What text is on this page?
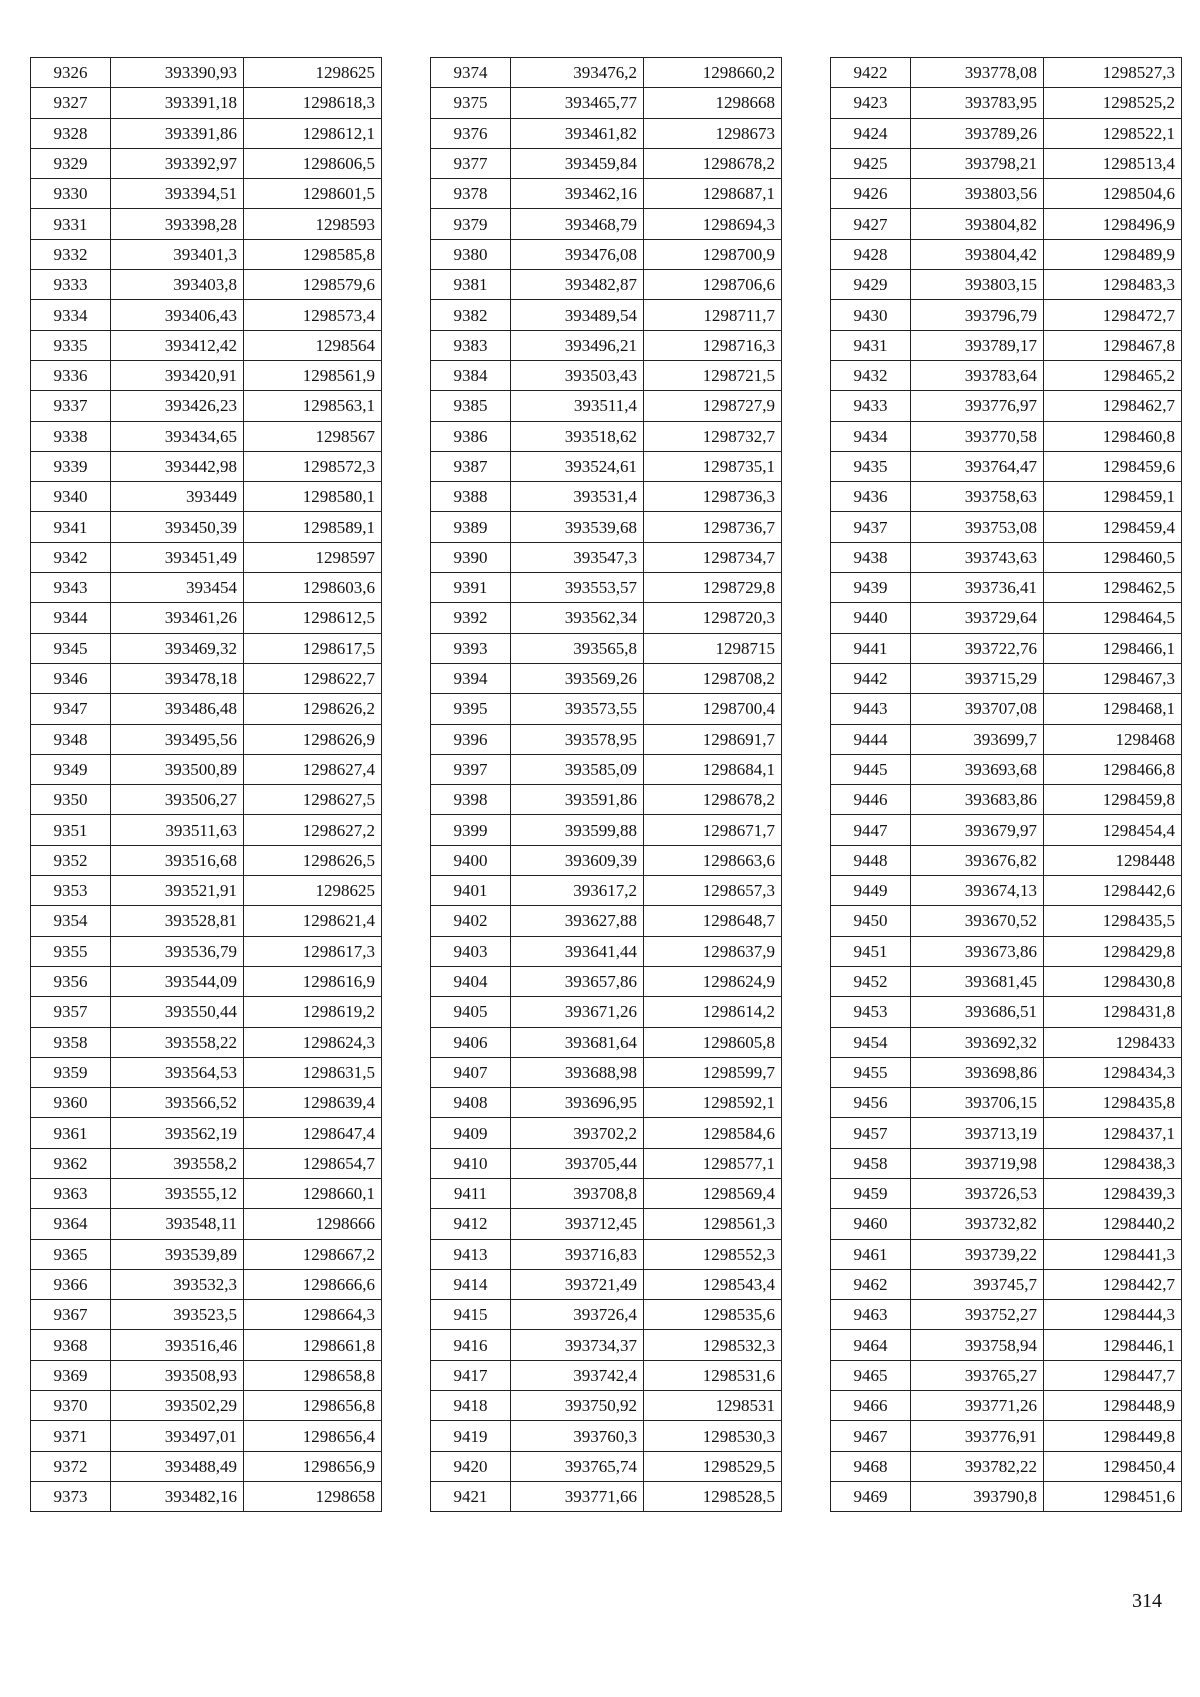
9326	393390,93	1298625
9327	393391,18	1298618,3
9328	393391,86	1298612,1
9329	393392,97	1298606,5
9330	393394,51	1298601,5
9331	393398,28	1298593
9332	393401,3	1298585,8
9333	393403,8	1298579,6
9334	393406,43	1298573,4
9335	393412,42	1298564
9336	393420,91	1298561,9
9337	393426,23	1298563,1
9338	393434,65	1298567
9339	393442,98	1298572,3
9340	393449	1298580,1
9341	393450,39	1298589,1
9342	393451,49	1298597
9343	393454	1298603,6
9344	393461,26	1298612,5
9345	393469,32	1298617,5
9346	393478,18	1298622,7
9347	393486,48	1298626,2
9348	393495,56	1298626,9
9349	393500,89	1298627,4
9350	393506,27	1298627,5
9351	393511,63	1298627,2
9352	393516,68	1298626,5
9353	393521,91	1298625
9354	393528,81	1298621,4
9355	393536,79	1298617,3
9356	393544,09	1298616,9
9357	393550,44	1298619,2
9358	393558,22	1298624,3
9359	393564,53	1298631,5
9360	393566,52	1298639,4
9361	393562,19	1298647,4
9362	393558,2	1298654,7
9363	393555,12	1298660,1
9364	393548,11	1298666
9365	393539,89	1298667,2
9366	393532,3	1298666,6
9367	393523,5	1298664,3
9368	393516,46	1298661,8
9369	393508,93	1298658,8
9370	393502,29	1298656,8
9371	393497,01	1298656,4
9372	393488,49	1298656,9
9373	393482,16	1298658
9374	393476,2	1298660,2
9375	393465,77	1298668
9376	393461,82	1298673
9377	393459,84	1298678,2
9378	393462,16	1298687,1
9379	393468,79	1298694,3
9380	393476,08	1298700,9
9381	393482,87	1298706,6
9382	393489,54	1298711,7
9383	393496,21	1298716,3
9384	393503,43	1298721,5
9385	393511,4	1298727,9
9386	393518,62	1298732,7
9387	393524,61	1298735,1
9388	393531,4	1298736,3
9389	393539,68	1298736,7
9390	393547,3	1298734,7
9391	393553,57	1298729,8
9392	393562,34	1298720,3
9393	393565,8	1298715
9394	393569,26	1298708,2
9395	393573,55	1298700,4
9396	393578,95	1298691,7
9397	393585,09	1298684,1
9398	393591,86	1298678,2
9399	393599,88	1298671,7
9400	393609,39	1298663,6
9401	393617,2	1298657,3
9402	393627,88	1298648,7
9403	393641,44	1298637,9
9404	393657,86	1298624,9
9405	393671,26	1298614,2
9406	393681,64	1298605,8
9407	393688,98	1298599,7
9408	393696,95	1298592,1
9409	393702,2	1298584,6
9410	393705,44	1298577,1
9411	393708,8	1298569,4
9412	393712,45	1298561,3
9413	393716,83	1298552,3
9414	393721,49	1298543,4
9415	393726,4	1298535,6
9416	393734,37	1298532,3
9417	393742,4	1298531,6
9418	393750,92	1298531
9419	393760,3	1298530,3
9420	393765,74	1298529,5
9421	393771,66	1298528,5
9422	393778,08	1298527,3
9423	393783,95	1298525,2
9424	393789,26	1298522,1
9425	393798,21	1298513,4
9426	393803,56	1298504,6
9427	393804,82	1298496,9
9428	393804,42	1298489,9
9429	393803,15	1298483,3
9430	393796,79	1298472,7
9431	393789,17	1298467,8
9432	393783,64	1298465,2
9433	393776,97	1298462,7
9434	393770,58	1298460,8
9435	393764,47	1298459,6
9436	393758,63	1298459,1
9437	393753,08	1298459,4
9438	393743,63	1298460,5
9439	393736,41	1298462,5
9440	393729,64	1298464,5
9441	393722,76	1298466,1
9442	393715,29	1298467,3
9443	393707,08	1298468,1
9444	393699,7	1298468
9445	393693,68	1298466,8
9446	393683,86	1298459,8
9447	393679,97	1298454,4
9448	393676,82	1298448
9449	393674,13	1298442,6
9450	393670,52	1298435,5
9451	393673,86	1298429,8
9452	393681,45	1298430,8
9453	393686,51	1298431,8
9454	393692,32	1298433
9455	393698,86	1298434,3
9456	393706,15	1298435,8
9457	393713,19	1298437,1
9458	393719,98	1298438,3
9459	393726,53	1298439,3
9460	393732,82	1298440,2
9461	393739,22	1298441,3
9462	393745,7	1298442,7
9463	393752,27	1298444,3
9464	393758,94	1298446,1
9465	393765,27	1298447,7
9466	393771,26	1298448,9
9467	393776,91	1298449,8
9468	393782,22	1298450,4
9469	393790,8	1298451,6
314
